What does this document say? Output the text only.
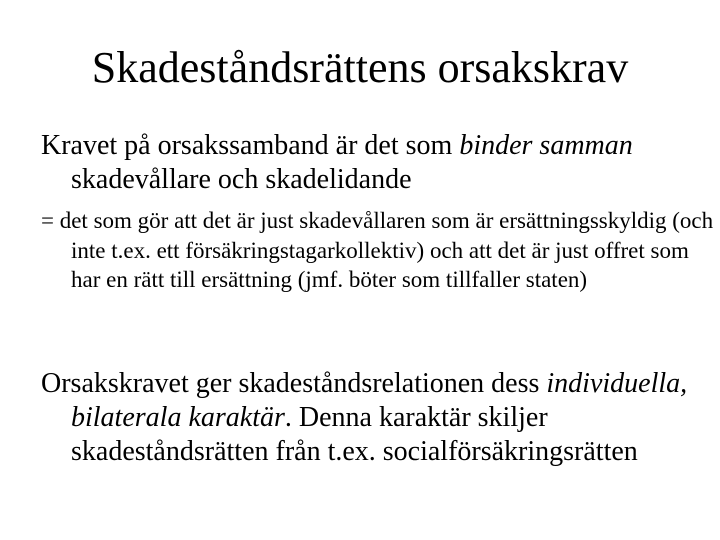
Skadeståndsrättens orsakskrav

Kravet på orsakssamband är det som binder samman skadevållare och skadelidande

= det som gör att det är just skadevållaren som är ersättningsskyldig (och inte t.ex. ett försäkringstagarkollektiv) och att det är just offret som har en rätt till ersättning (jmf. böter som tillfaller staten)

Orsakskravet ger skadeståndsrelationen dess individuella, bilaterala karaktär. Denna karaktär skiljer skadeståndsrätten från t.ex. socialförsäkringsrätten
